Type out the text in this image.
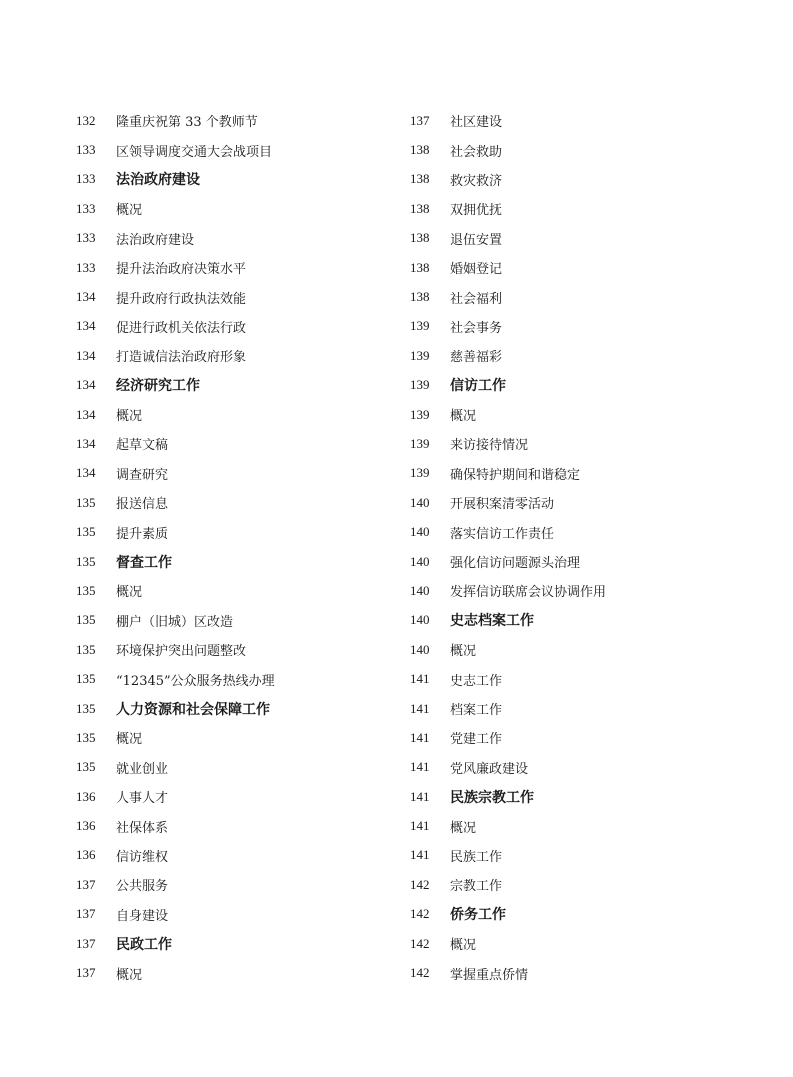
132	隆重庆祝第 33 个教师节
133	区领导调度交通大会战项目
133	法治政府建设
133	概况
133	法治政府建设
133	提升法治政府决策水平
134	提升政府行政执法效能
134	促进行政机关依法行政
134	打造诚信法治政府形象
134	经济研究工作
134	概况
134	起草文稿
134	调查研究
135	报送信息
135	提升素质
135	督查工作
135	概况
135	棚户（旧城）区改造
135	环境保护突出问题整改
135	“12345”公众服务热线办理
135	人力资源和社会保障工作
135	概况
135	就业创业
136	人事人才
136	社保体系
136	信访维权
137	公共服务
137	自身建设
137	民政工作
137	概况
137	社区建设
138	社会救助
138	救灾救济
138	双拥优抚
138	退伍安置
138	婚姻登记
138	社会福利
139	社会事务
139	慈善福彩
139	信访工作
139	概况
139	来访接待情况
139	确保特护期间和谐稳定
140	开展积案清零活动
140	落实信访工作责任
140	强化信访问题源头治理
140	发挥信访联席会议协调作用
140	史志档案工作
140	概况
141	史志工作
141	档案工作
141	党建工作
141	党风廉政建设
141	民族宗教工作
141	概况
141	民族工作
142	宗教工作
142	侨务工作
142	概况
142	掌握重点侨情
